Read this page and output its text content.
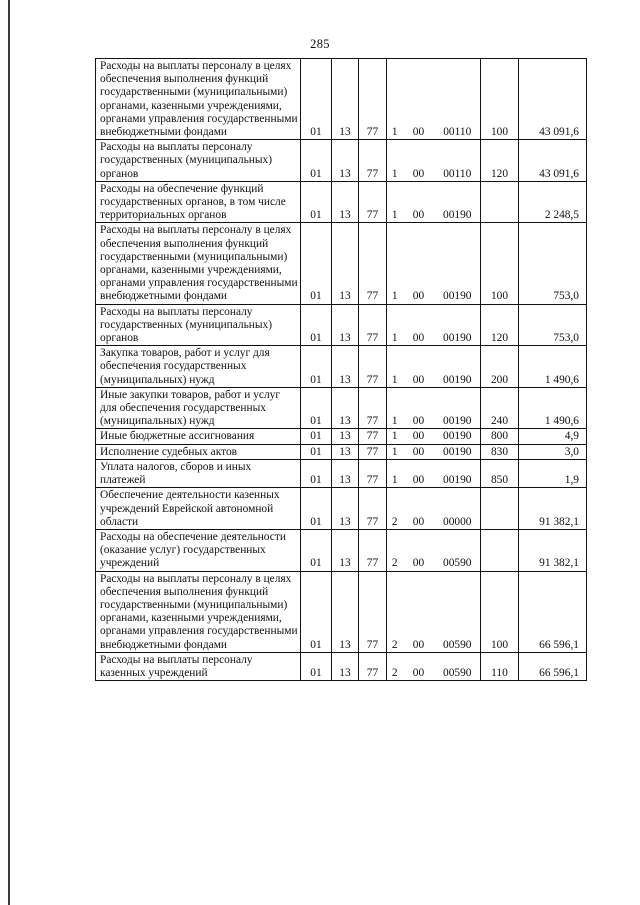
285
Расходы на выплаты персоналу в целях обеспечения выполнения функций государственными (муниципальными) органами, казенными учреждениями, органами управления государственными внебюджетными фондами	01	13	77	1	00	00110	100	43 091,6
Расходы на выплаты персоналу государственных (муниципальных) органов	01	13	77	1	00	00110	120	43 091,6
Расходы на обеспечение функций государственных органов, в том числе территориальных органов	01	13	77	1	00	00190		2 248,5
Расходы на выплаты персоналу в целях обеспечения выполнения функций государственными (муниципальными) органами, казенными учреждениями, органами управления государственными внебюджетными фондами	01	13	77	1	00	00190	100	753,0
Расходы на выплаты персоналу государственных (муниципальных) органов	01	13	77	1	00	00190	120	753,0
Закупка товаров, работ и услуг для обеспечения государственных (муниципальных) нужд	01	13	77	1	00	00190	200	1 490,6
Иные закупки товаров, работ и услуг для обеспечения государственных (муниципальных) нужд	01	13	77	1	00	00190	240	1 490,6
Иные бюджетные ассигнования	01	13	77	1	00	00190	800	4,9
Исполнение судебных актов	01	13	77	1	00	00190	830	3,0
Уплата налогов, сборов и иных платежей	01	13	77	1	00	00190	850	1,9
Обеспечение деятельности казенных учреждений Еврейской автономной области	01	13	77	2	00	00000		91 382,1
Расходы на обеспечение деятельности (оказание услуг) государственных учреждений	01	13	77	2	00	00590		91 382,1
Расходы на выплаты персоналу в целях обеспечения выполнения функций государственными (муниципальными) органами, казенными учреждениями, органами управления государственными внебюджетными фондами	01	13	77	2	00	00590	100	66 596,1
Расходы на выплаты персоналу казенных учреждений	01	13	77	2	00	00590	110	66 596,1
